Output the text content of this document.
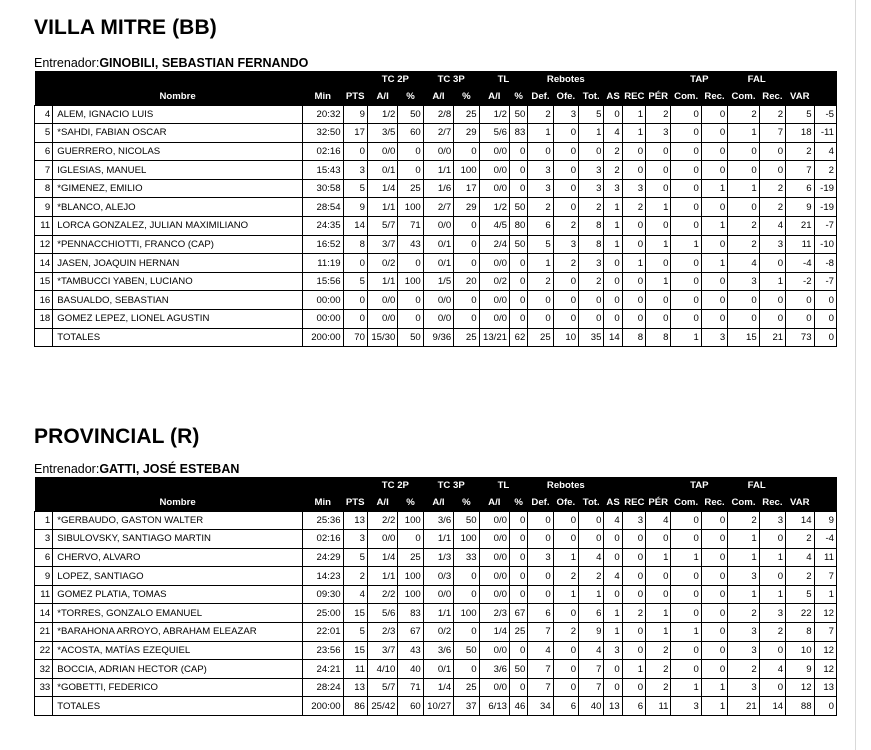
VILLA MITRE (BB)
Entrenador:GINOBILI, SEBASTIAN FERNANDO
				TC 2P		TC 3P		TL		Rebotes						TAP		FAL			
	Nombre	Min	PTS	A/I	%	A/I	%	A/I	%	Def.	Ofe.	Tot.	AS	REC	PÉR	Com.	Rec.	Com.	Rec.	VAR	
4	ALEM, IGNACIO LUIS	20:32	9	1/2	50	2/8	25	1/2	50	2	3	5	0	1	2	0	0	2	2	5	-5
5	*SAHDI, FABIAN OSCAR	32:50	17	3/5	60	2/7	29	5/6	83	1	0	1	4	1	3	0	0	1	7	18	-11
6	GUERRERO, NICOLAS	02:16	0	0/0	0	0/0	0	0/0	0	0	0	0	2	0	0	0	0	0	0	2	4
7	IGLESIAS, MANUEL	15:43	3	0/1	0	1/1	100	0/0	0	3	0	3	2	0	0	0	0	0	0	7	2
8	*GIMENEZ, EMILIO	30:58	5	1/4	25	1/6	17	0/0	0	3	0	3	3	3	0	0	1	1	2	6	-19
9	*BLANCO, ALEJO	28:54	9	1/1	100	2/7	29	1/2	50	2	0	2	1	2	1	0	0	0	2	9	-19
11	LORCA GONZALEZ, JULIAN MAXIMILIANO	24:35	14	5/7	71	0/0	0	4/5	80	6	2	8	1	0	0	0	1	2	4	21	-7
12	*PENNACCHIOTTI, FRANCO (CAP)	16:52	8	3/7	43	0/1	0	2/4	50	5	3	8	1	0	1	1	0	2	3	11	-10
14	JASEN, JOAQUIN HERNAN	11:19	0	0/2	0	0/1	0	0/0	0	1	2	3	0	1	0	0	1	4	0	-4	-8
15	*TAMBUCCI YABEN, LUCIANO	15:56	5	1/1	100	1/5	20	0/2	0	2	0	2	0	0	1	0	0	3	1	-2	-7
16	BASUALDO, SEBASTIAN	00:00	0	0/0	0	0/0	0	0/0	0	0	0	0	0	0	0	0	0	0	0	0	0
18	GOMEZ LEPEZ, LIONEL AGUSTIN	00:00	0	0/0	0	0/0	0	0/0	0	0	0	0	0	0	0	0	0	0	0	0	0
	TOTALES	200:00	70	15/30	50	9/36	25	13/21	62	25	10	35	14	8	8	1	3	15	21	73	0
PROVINCIAL (R)
Entrenador:GATTI, JOSÉ ESTEBAN
				TC 2P		TC 3P		TL		Rebotes						TAP		FAL			
	Nombre	Min	PTS	A/I	%	A/I	%	A/I	%	Def.	Ofe.	Tot.	AS	REC	PÉR	Com.	Rec.	Com.	Rec.	VAR	
1	*GERBAUDO, GASTON WALTER	25:36	13	2/2	100	3/6	50	0/0	0	0	0	0	4	3	4	0	0	2	3	14	9
3	SIBULOVSKY, SANTIAGO MARTIN	02:16	3	0/0	0	1/1	100	0/0	0	0	0	0	0	0	0	0	0	1	0	2	-4
6	CHERVO, ALVARO	24:29	5	1/4	25	1/3	33	0/0	0	3	1	4	0	0	1	1	0	1	1	4	11
9	LOPEZ, SANTIAGO	14:23	2	1/1	100	0/3	0	0/0	0	0	2	2	4	0	0	0	0	3	0	2	7
11	GOMEZ PLATIA, TOMAS	09:30	4	2/2	100	0/0	0	0/0	0	0	1	1	0	0	0	0	0	1	1	5	1
14	*TORRES, GONZALO EMANUEL	25:00	15	5/6	83	1/1	100	2/3	67	6	0	6	1	2	1	0	0	2	3	22	12
21	*BARAHONA ARROYO, ABRAHAM ELEAZAR	22:01	5	2/3	67	0/2	0	1/4	25	7	2	9	1	0	1	1	0	3	2	8	7
22	*ACOSTA, MATÍAS EZEQUIEL	23:56	15	3/7	43	3/6	50	0/0	0	4	0	4	3	0	2	0	0	3	0	10	12
32	BOCCIA, ADRIAN HECTOR (CAP)	24:21	11	4/10	40	0/1	0	3/6	50	7	0	7	0	1	2	0	0	2	4	9	12
33	*GOBETTI, FEDERICO	28:24	13	5/7	71	1/4	25	0/0	0	7	0	7	0	0	2	1	1	3	0	12	13
	TOTALES	200:00	86	25/42	60	10/27	37	6/13	46	34	6	40	13	6	11	3	1	21	14	88	0
